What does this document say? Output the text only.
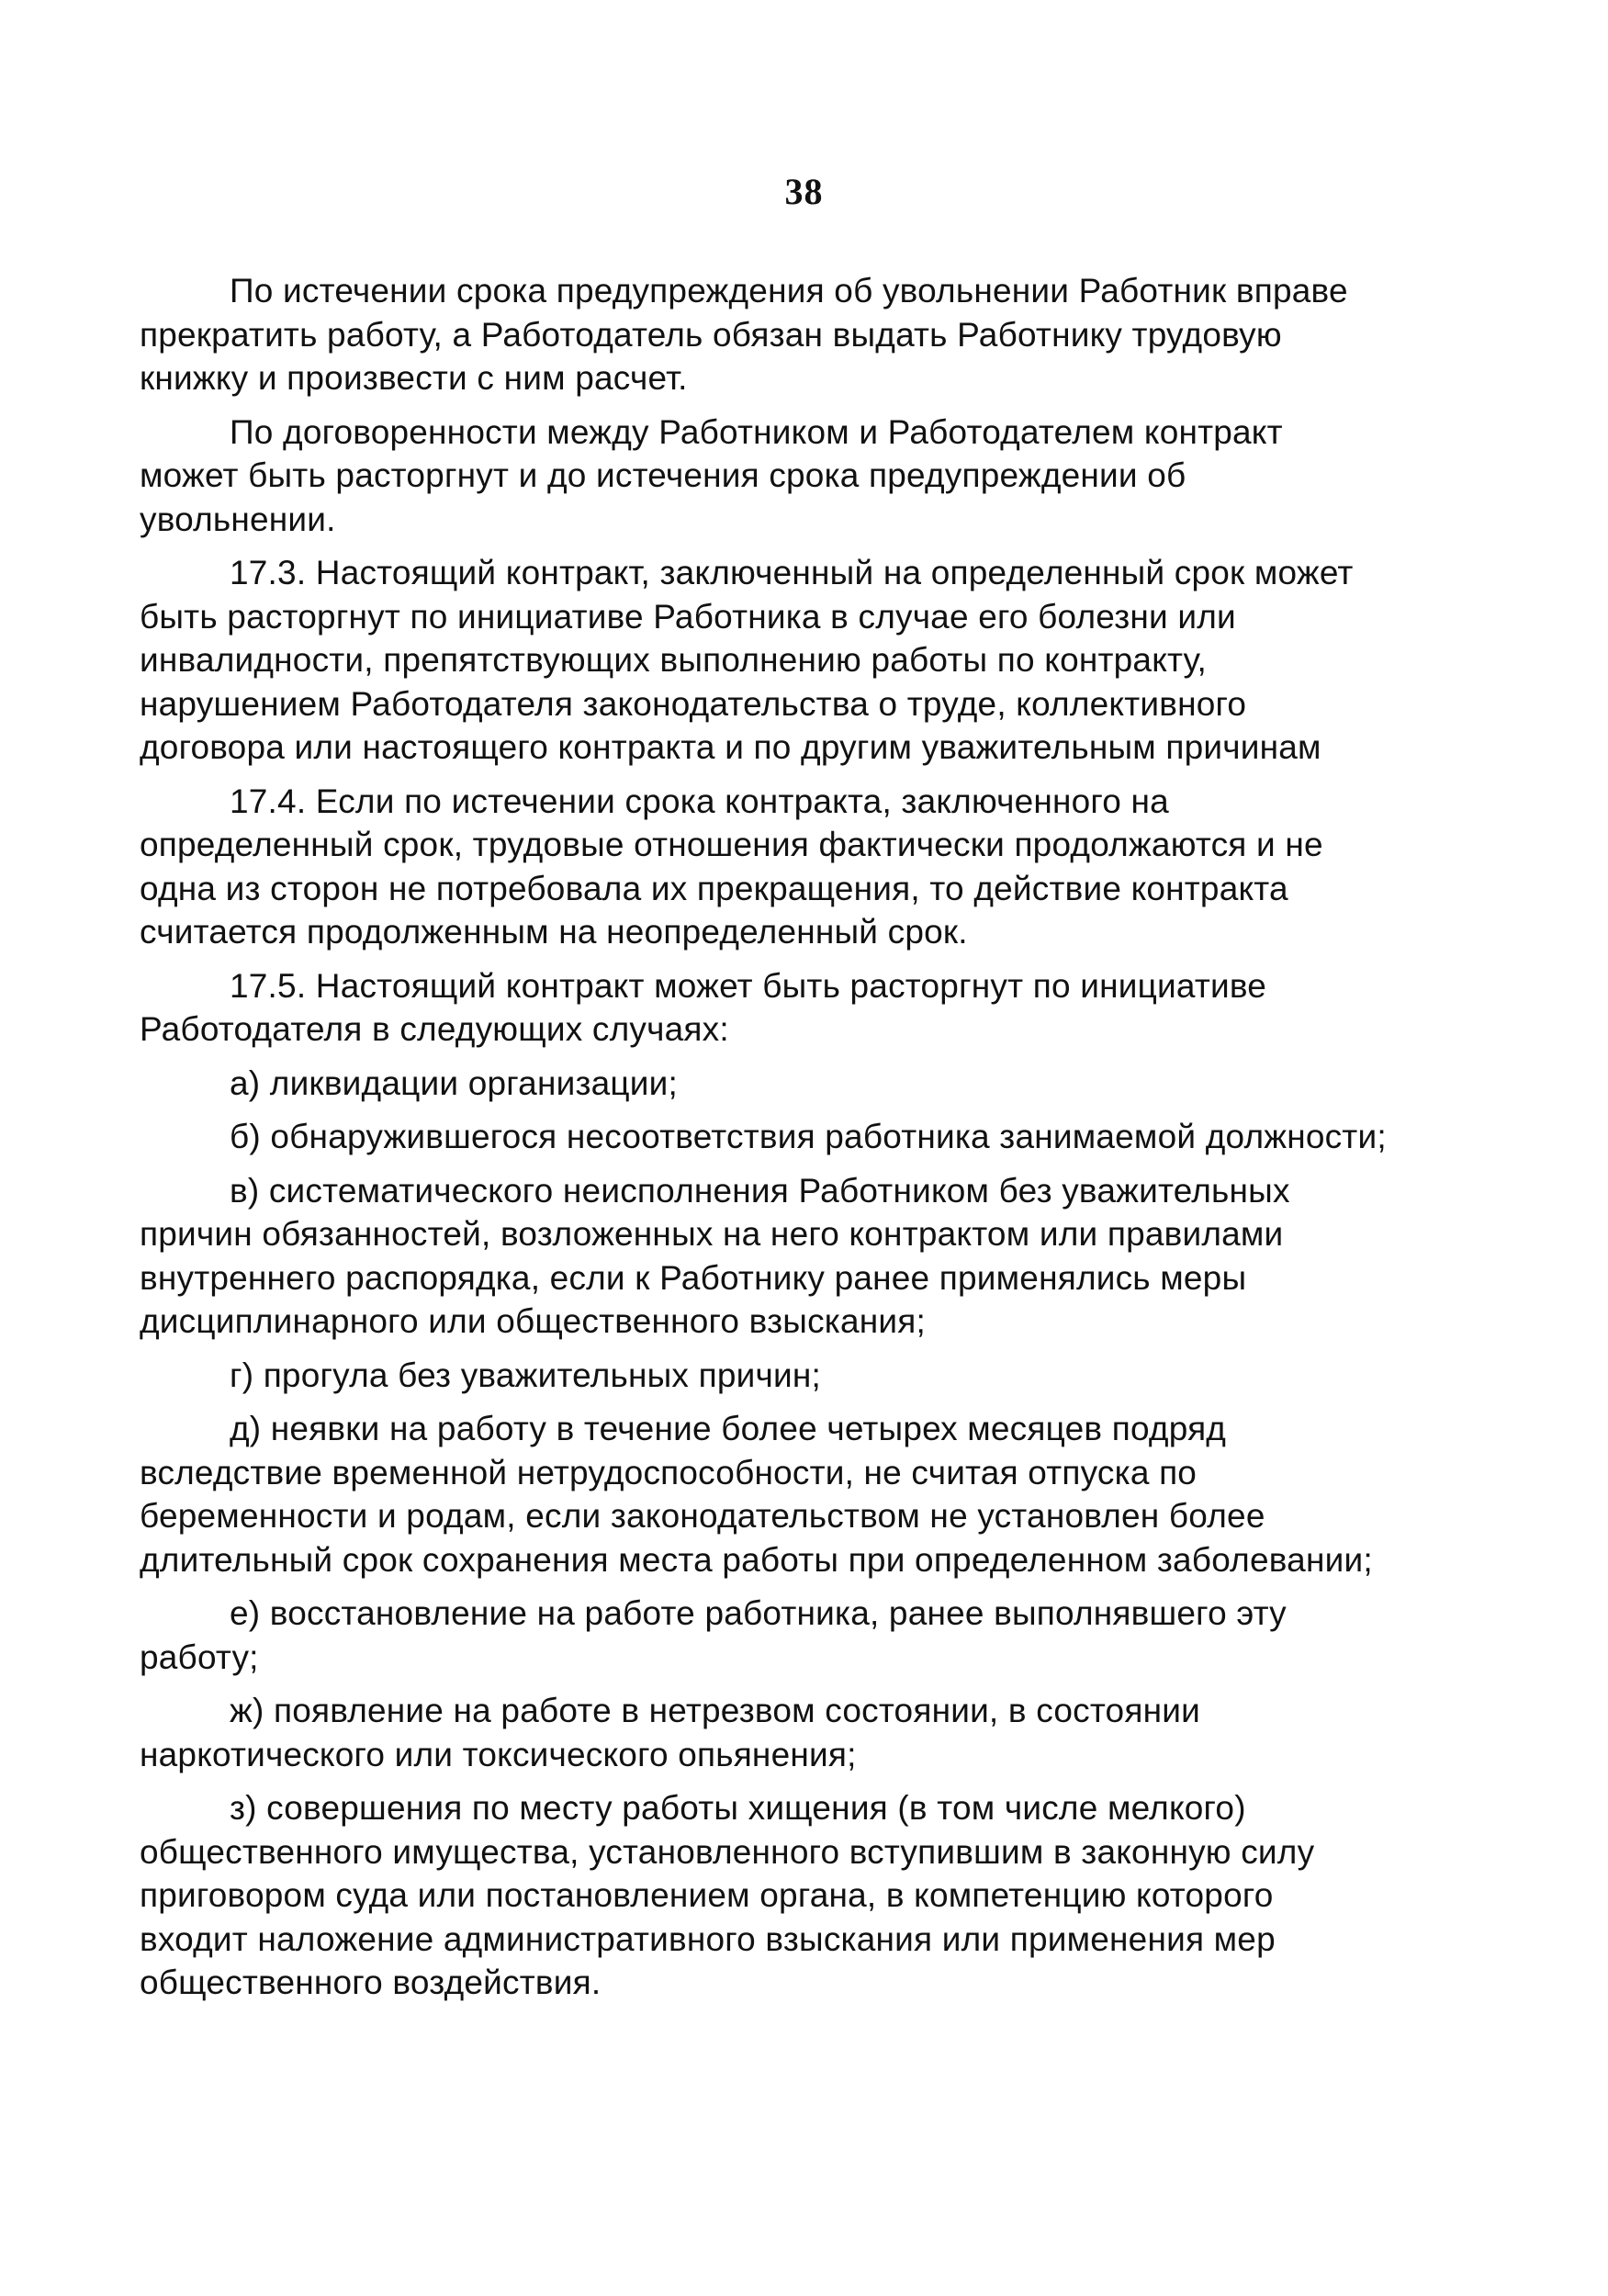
38

По истечении срока предупреждения об увольнении Работник вправе прекратить работу, а Работодатель обязан выдать Работнику трудовую книжку и произвести с ним расчет.

По договоренности между Работником и Работодателем контракт может быть расторгнут и до истечения срока предупреждении об увольнении.

17.3. Настоящий контракт, заключенный на определенный срок может быть расторгнут по инициативе Работника в случае его болезни или инвалидности, препятствующих выполнению работы по контракту, нарушением Работодателя законодательства о труде, коллективного договора или настоящего контракта и по другим уважительным причинам

17.4. Если по истечении срока контракта, заключенного на определенный срок, трудовые отношения фактически продолжаются и не одна из сторон не потребовала их прекращения, то действие контракта считается продолженным на неопределенный срок.

17.5. Настоящий контракт может быть расторгнут по инициативе Работодателя в следующих случаях:

а) ликвидации организации;

б) обнаружившегося несоответствия работника занимаемой должности;

в) систематического неисполнения Работником без уважительных причин обязанностей, возложенных на него контрактом или правилами внутреннего распорядка, если к Работнику ранее применялись меры дисциплинарного или общественного взыскания;

г) прогула без уважительных причин;

д) неявки на работу в течение более четырех месяцев подряд вследствие временной нетрудоспособности, не считая отпуска по беременности и родам, если законодательством не установлен более длительный срок сохранения места работы при определенном заболевании;

е) восстановление на работе работника, ранее выполнявшего эту работу;

ж) появление на работе в нетрезвом состоянии, в состоянии наркотического или токсического опьянения;

з) совершения по месту работы хищения (в том числе мелкого) общественного имущества, установленного вступившим в законную силу приговором суда или постановлением органа, в компетенцию которого входит наложение административного взыскания или применения мер общественного воздействия.
